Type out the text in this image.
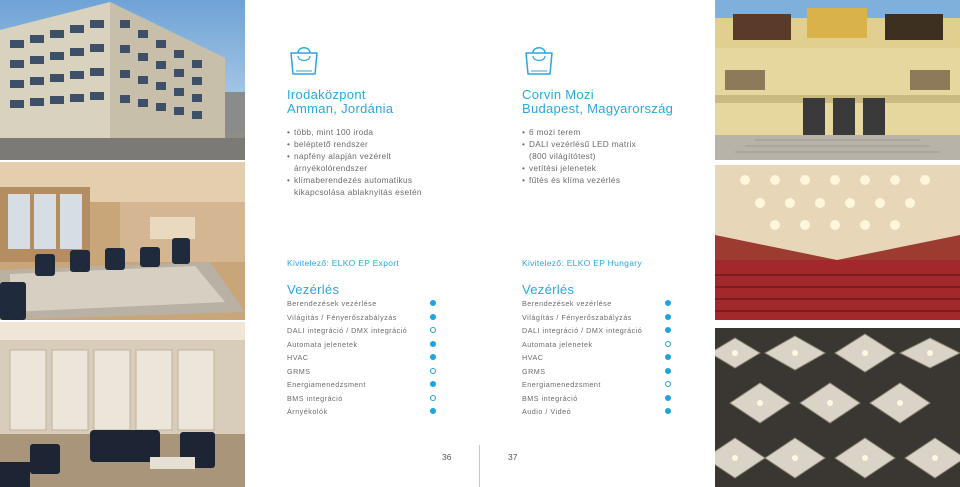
Irodaközpont
Amman, Jordánia
• több, mint 100 iroda
• beléptető rendszer
• napfény alapján vezérelt
árnyékolórendszer
• klímaberendezés automatikus
kikapcsolása ablaknyitás esetén
Kivitelező: ELKO EP Export
Vezérlés
Berendezések vezérlése
Világítás / Fényerőszabályzás
DALI integráció / DMX integráció
Automata jelenetek
HVAC
GRMS
Energiamenedzsment
BMS integráció
Árnyékolók
Corvin Mozi
Budapest, Magyarország
• 6 mozi terem
• DALI vezérlésű LED matrix
(800 világítótest)
• vetítési jelenetek
• fűtés és klíma vezérlés
Kivitelező: ELKO EP Hungary
Vezérlés
Berendezések vezérlése
Világítás / Fényerőszabályzás
DALI integráció / DMX integráció
Automata jelenetek
HVAC
GRMS
Energiamenedzsment
BMS integráció
Audio / Videó
36	37
